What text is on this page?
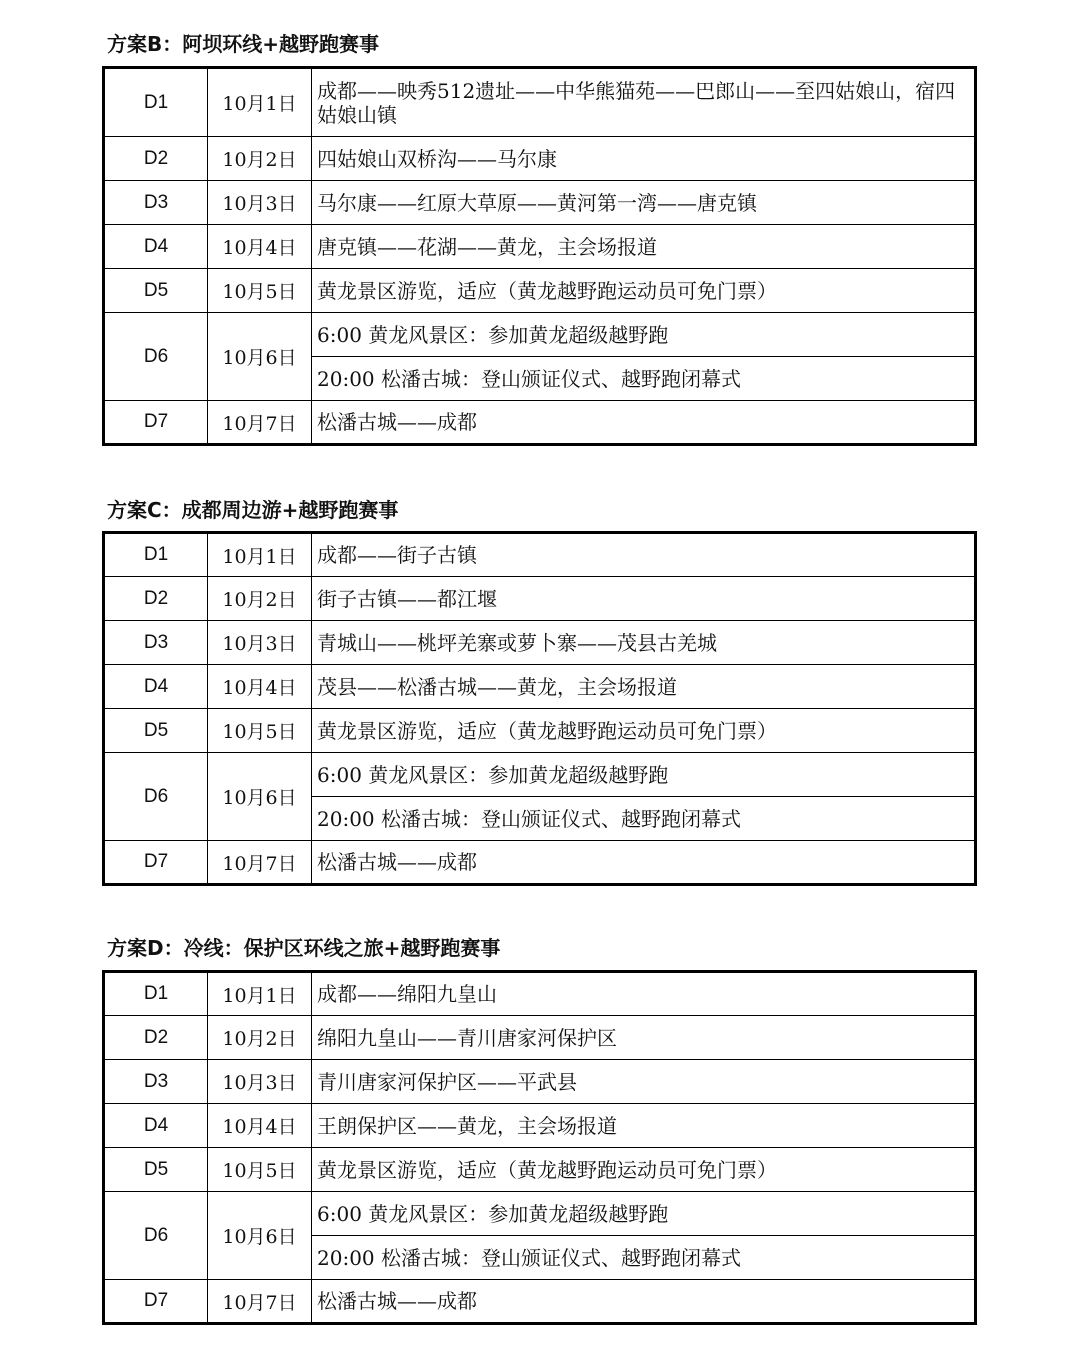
方案B：阿坝环线+越野跑赛事
D1	10月1日	成都——映秀512遗址——中华熊猫苑——巴郎山——至四姑娘山，宿四姑娘山镇
D2	10月2日	四姑娘山双桥沟——马尔康
D3	10月3日	马尔康——红原大草原——黄河第一湾——唐克镇
D4	10月4日	唐克镇——花湖——黄龙，主会场报道
D5	10月5日	黄龙景区游览，适应（黄龙越野跑运动员可免门票）
D6	10月6日	6:00 黄龙风景区：参加黄龙超级越野跑
		20:00 松潘古城：登山颁证仪式、越野跑闭幕式
D7	10月7日	松潘古城——成都
方案C：成都周边游+越野跑赛事
D1	10月1日	成都——街子古镇
D2	10月2日	街子古镇——都江堰
D3	10月3日	青城山——桃坪羌寨或萝卜寨——茂县古羌城
D4	10月4日	茂县——松潘古城——黄龙，主会场报道
D5	10月5日	黄龙景区游览，适应（黄龙越野跑运动员可免门票）
D6	10月6日	6:00 黄龙风景区：参加黄龙超级越野跑
		20:00 松潘古城：登山颁证仪式、越野跑闭幕式
D7	10月7日	松潘古城——成都
方案D：冷线：保护区环线之旅+越野跑赛事
D1	10月1日	成都——绵阳九皇山
D2	10月2日	绵阳九皇山——青川唐家河保护区
D3	10月3日	青川唐家河保护区——平武县
D4	10月4日	王朗保护区——黄龙，主会场报道
D5	10月5日	黄龙景区游览，适应（黄龙越野跑运动员可免门票）
D6	10月6日	6:00 黄龙风景区：参加黄龙超级越野跑
		20:00 松潘古城：登山颁证仪式、越野跑闭幕式
D7	10月7日	松潘古城——成都
